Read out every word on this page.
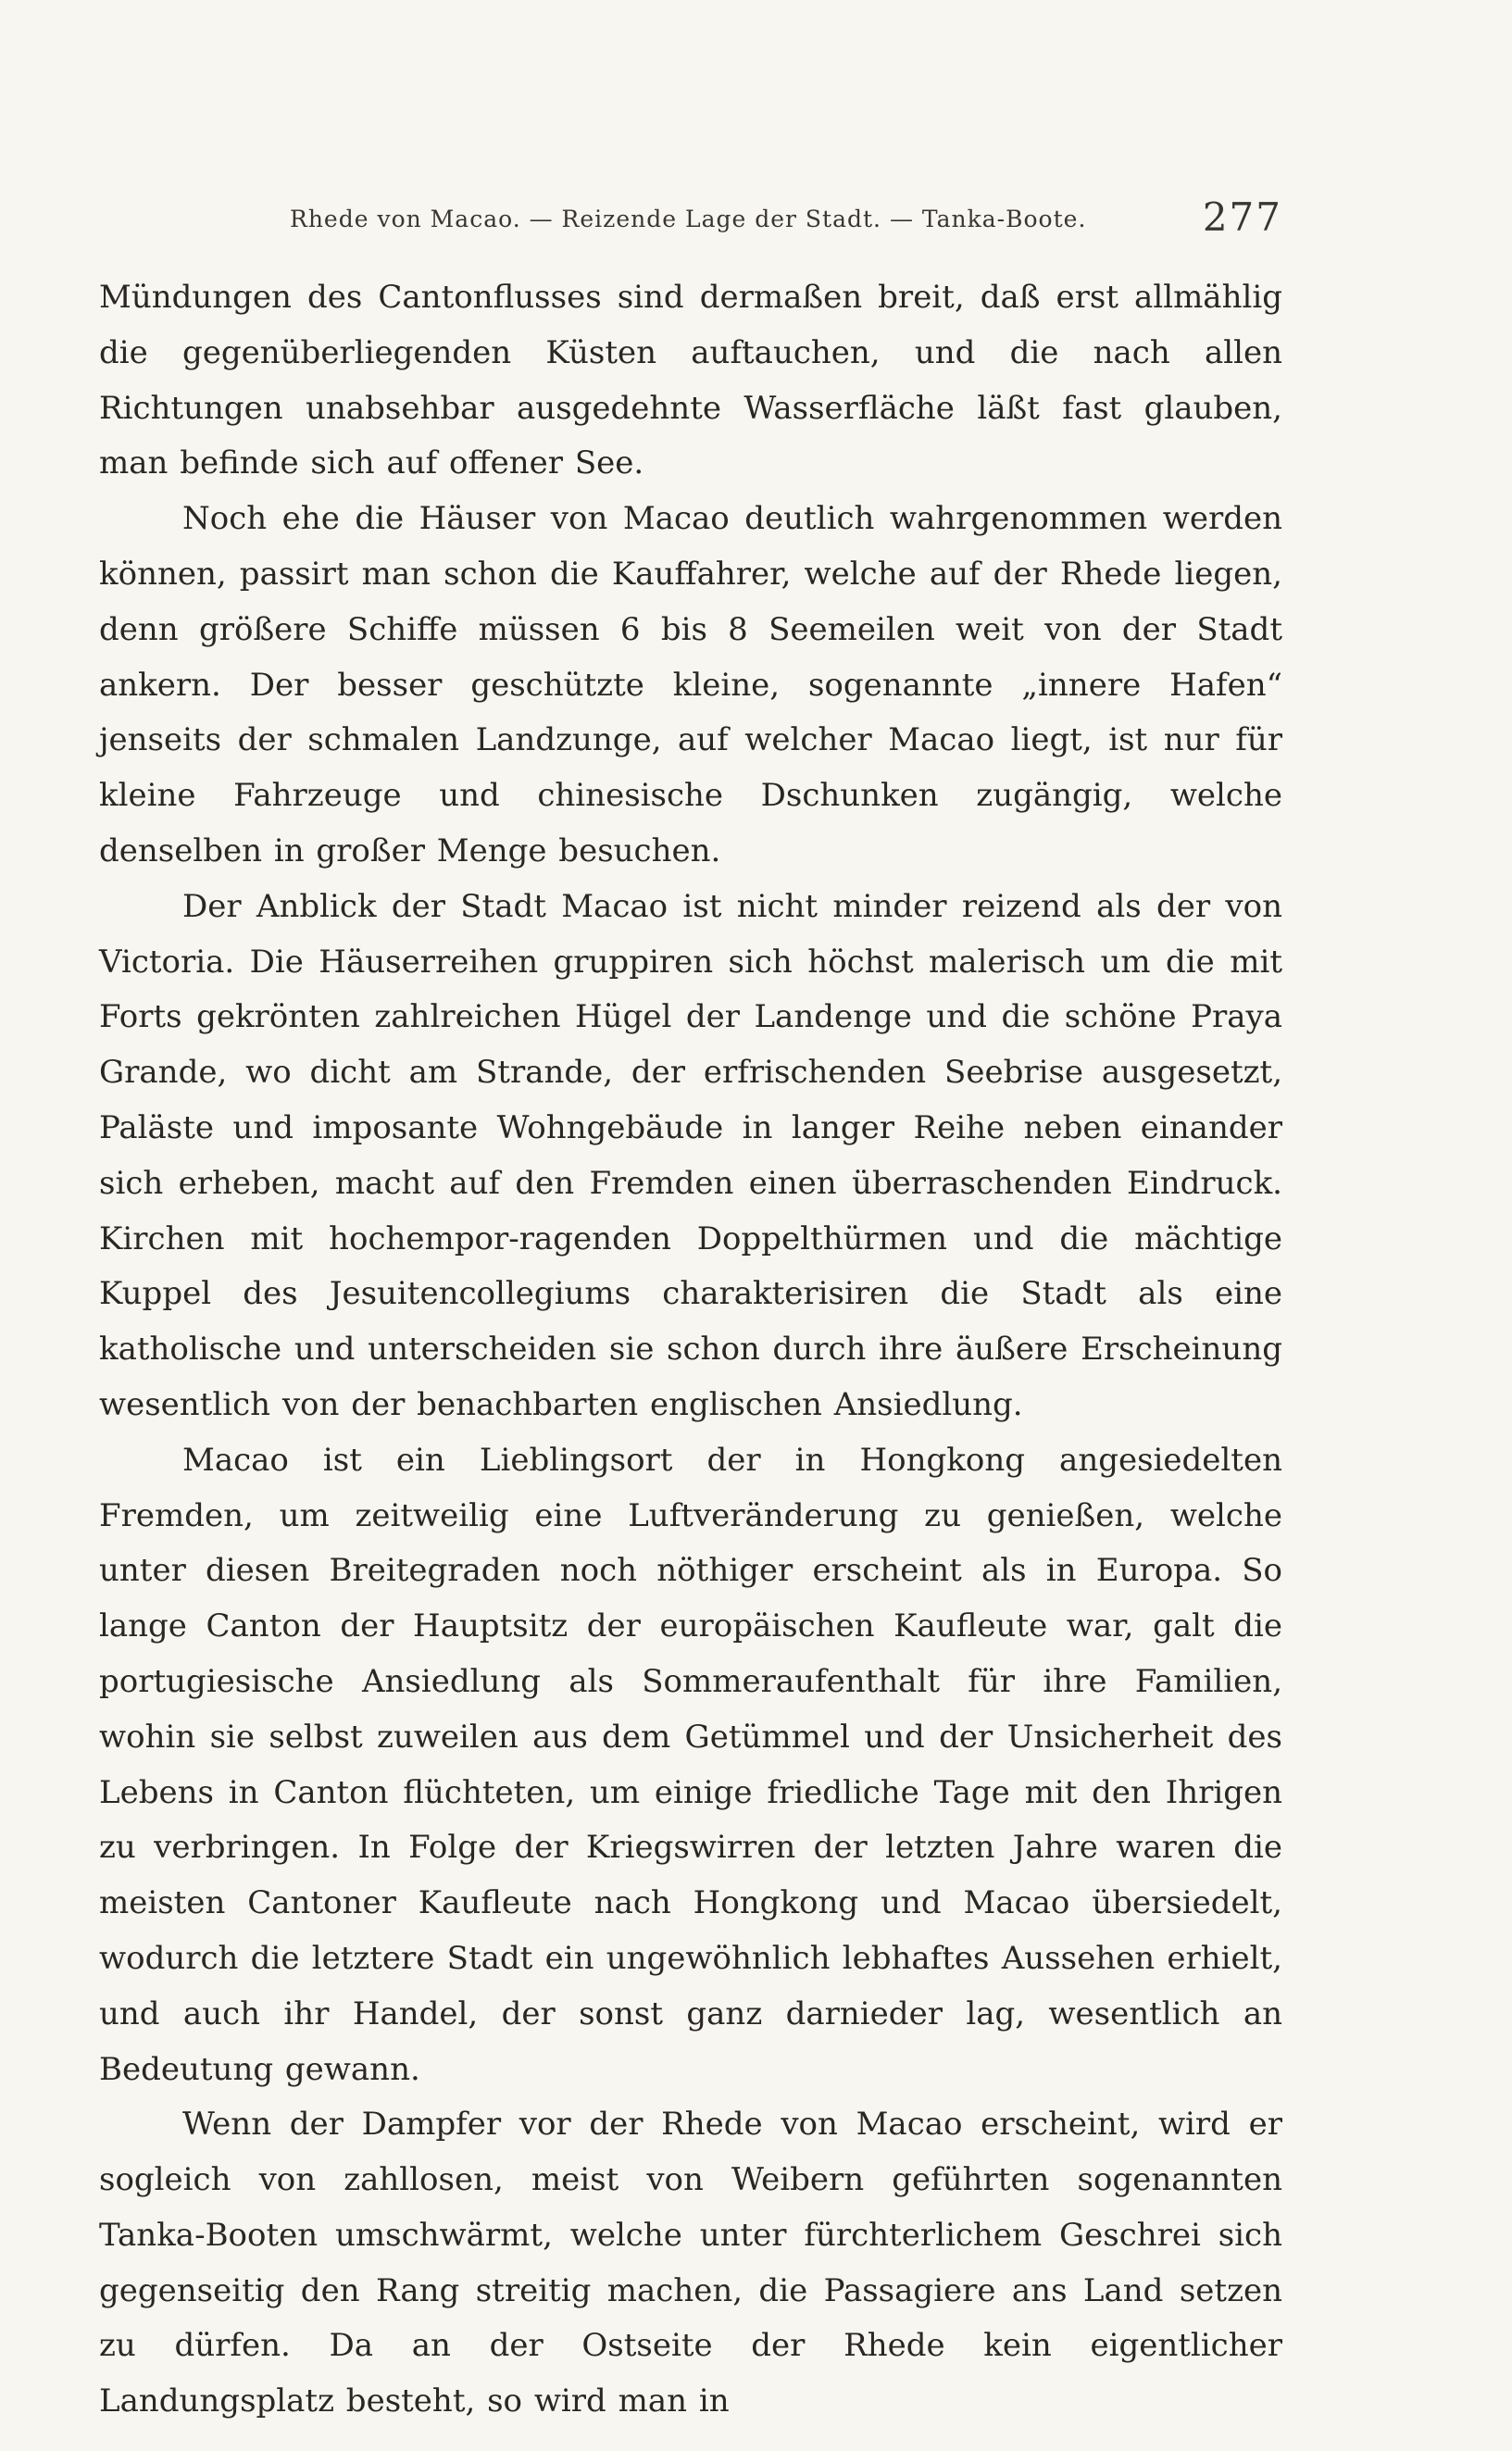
Rhede von Macao. — Reizende Lage der Stadt. — Tanka-Boote.	277

Mündungen des Cantonflusses sind dermaßen breit, daß erst allmählig die gegenüberliegenden Küsten auftauchen, und die nach allen Richtungen unabsehbar ausgedehnte Wasserfläche läßt fast glauben, man befinde sich auf offener See.

Noch ehe die Häuser von Macao deutlich wahrgenommen werden können, passirt man schon die Kauffahrer, welche auf der Rhede liegen, denn größere Schiffe müssen 6 bis 8 Seemeilen weit von der Stadt ankern. Der besser geschützte kleine, sogenannte „innere Hafen“ jenseits der schmalen Landzunge, auf welcher Macao liegt, ist nur für kleine Fahrzeuge und chinesische Dschunken zugängig, welche denselben in großer Menge besuchen.

Der Anblick der Stadt Macao ist nicht minder reizend als der von Victoria. Die Häuserreihen gruppiren sich höchst malerisch um die mit Forts gekrönten zahlreichen Hügel der Landenge und die schöne Praya Grande, wo dicht am Strande, der erfrischenden Seebrise ausgesetzt, Paläste und imposante Wohngebäude in langer Reihe neben einander sich erheben, macht auf den Fremden einen überraschenden Eindruck. Kirchen mit hochempor-ragenden Doppelthürmen und die mächtige Kuppel des Jesuitencollegiums charakterisiren die Stadt als eine katholische und unterscheiden sie schon durch ihre äußere Erscheinung wesentlich von der benachbarten englischen Ansiedlung.

Macao ist ein Lieblingsort der in Hongkong angesiedelten Fremden, um zeitweilig eine Luftveränderung zu genießen, welche unter diesen Breitegraden noch nöthiger erscheint als in Europa. So lange Canton der Hauptsitz der europäischen Kaufleute war, galt die portugiesische Ansiedlung als Sommeraufenthalt für ihre Familien, wohin sie selbst zuweilen aus dem Getümmel und der Unsicherheit des Lebens in Canton flüchteten, um einige friedliche Tage mit den Ihrigen zu verbringen. In Folge der Kriegswirren der letzten Jahre waren die meisten Cantoner Kaufleute nach Hongkong und Macao übersiedelt, wodurch die letztere Stadt ein ungewöhnlich lebhaftes Aussehen erhielt, und auch ihr Handel, der sonst ganz darnieder lag, wesentlich an Bedeutung gewann.

Wenn der Dampfer vor der Rhede von Macao erscheint, wird er sogleich von zahllosen, meist von Weibern geführten sogenannten Tanka-Booten umschwärmt, welche unter fürchterlichem Geschrei sich gegenseitig den Rang streitig machen, die Passagiere ans Land setzen zu dürfen. Da an der Ostseite der Rhede kein eigentlicher Landungsplatz besteht, so wird man in
